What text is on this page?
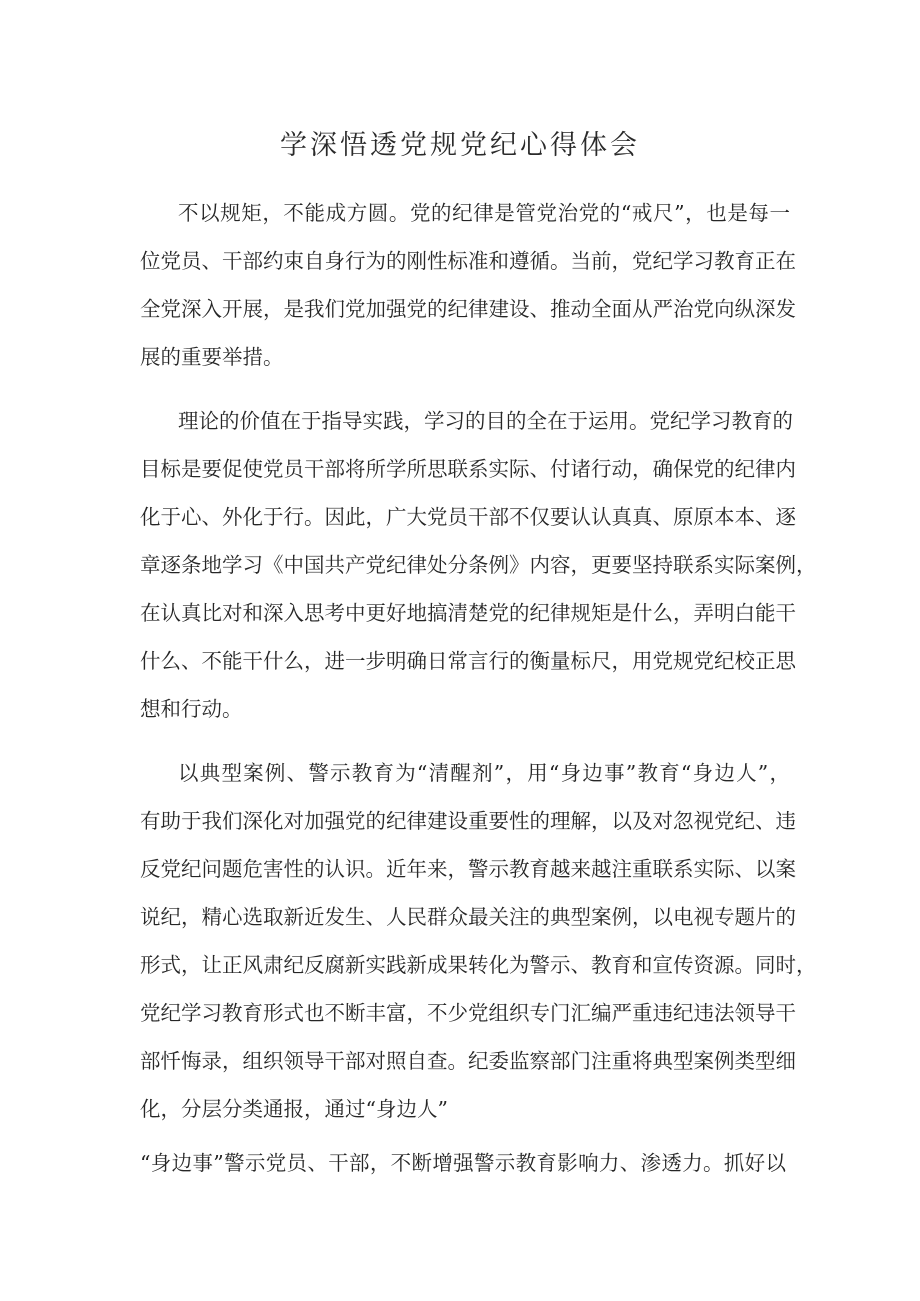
学深悟透党规党纪心得体会

不以规矩，不能成方圆。党的纪律是管党治党的“戒尺”，也是每一

位党员、干部约束自身行为的刚性标准和遵循。当前，党纪学习教育正在

全党深入开展，是我们党加强党的纪律建设、推动全面从严治党向纵深发

展的重要举措。

理论的价值在于指导实践，学习的目的全在于运用。党纪学习教育的

目标是要促使党员干部将所学所思联系实际、付诸行动，确保党的纪律内

化于心、外化于行。因此，广大党员干部不仅要认认真真、原原本本、逐

章逐条地学习《中国共产党纪律处分条例》内容，更要坚持联系实际案例，

在认真比对和深入思考中更好地搞清楚党的纪律规矩是什么，弄明白能干

什么、不能干什么，进一步明确日常言行的衡量标尺，用党规党纪校正思

想和行动。

以典型案例、警示教育为“清醒剂”，用“身边事”教育“身边人”，

有助于我们深化对加强党的纪律建设重要性的理解，以及对忽视党纪、违

反党纪问题危害性的认识。近年来，警示教育越来越注重联系实际、以案

说纪，精心选取新近发生、人民群众最关注的典型案例，以电视专题片的

形式，让正风肃纪反腐新实践新成果转化为警示、教育和宣传资源。同时，

党纪学习教育形式也不断丰富，不少党组织专门汇编严重违纪违法领导干

部忏悔录，组织领导干部对照自查。纪委监察部门注重将典型案例类型细

化，分层分类通报，通过“身边人”

“身边事”警示党员、干部，不断增强警示教育影响力、渗透力。抓好以
